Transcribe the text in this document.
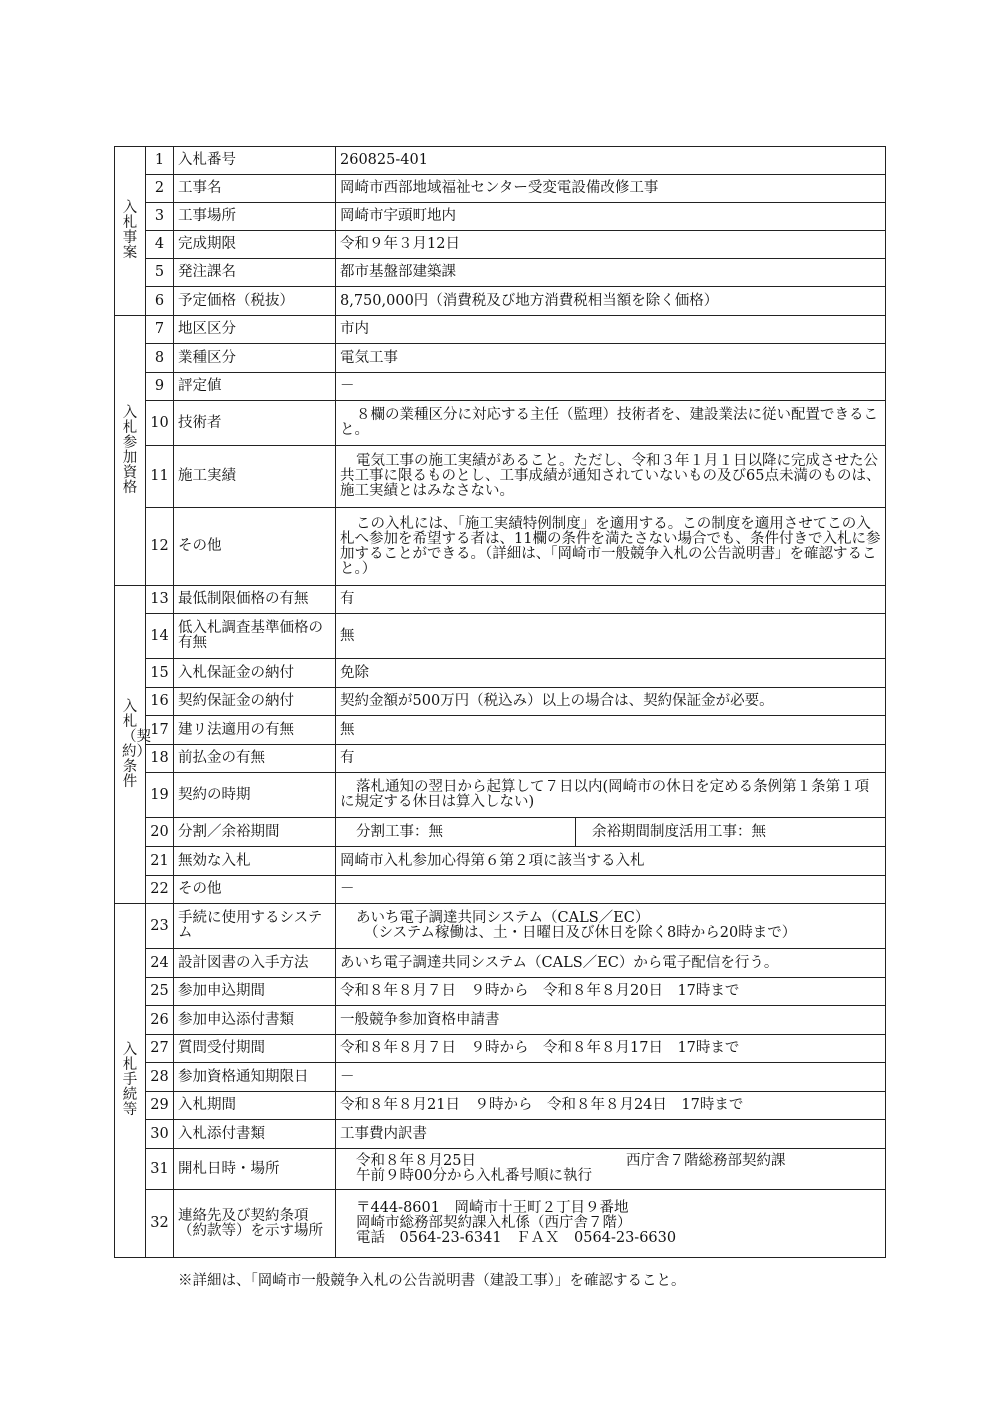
入札事案	1	入札番号	260825-401
	2	工事名	岡崎市西部地域福祉センター受変電設備改修工事
	3	工事場所	岡崎市宇頭町地内
	4	完成期限	令和９年３月12日
	5	発注課名	都市基盤部建築課
	6	予定価格（税抜）	8,750,000円（消費税及び地方消費税相当額を除く価格）
入札参加資格	7	地区区分	市内
	8	業種区分	電気工事
	9	評定値	－
	10	技術者	８欄の業種区分に対応する主任（監理）技術者を、建設業法に従い配置できること。
	11	施工実績	電気工事の施工実績があること。ただし、令和３年１月１日以降に完成させた公共工事に限るものとし、工事成績が通知されていないもの及び65点未満のものは、施工実績とはみなさない。
	12	その他	この入札には、「施工実績特例制度」を適用する。この制度を適用させてこの入札へ参加を希望する者は、11欄の条件を満たさない場合でも、条件付きで入札に参加することができる。（詳細は、「岡崎市一般競争入札の公告説明書」を確認すること。）
入札（契約）条件	13	最低制限価格の有無	有
	14	低入札調査基準価格の有無	無
	15	入札保証金の納付	免除
	16	契約保証金の納付	契約金額が500万円（税込み）以上の場合は、契約保証金が必要。
	17	建リ法適用の有無	無
	18	前払金の有無	有
	19	契約の時期	落札通知の翌日から起算して７日以内(岡崎市の休日を定める条例第１条第１項に規定する休日は算入しない)
	20	分割／余裕期間	分割工事：無 余裕期間制度活用工事：無

	21	無効な入札	岡崎市入札参加心得第６第２項に該当する入札
	22	その他	－
入札手続等	23	手続に使用するシステム	あいち電子調達共同システム（CALS／EC）
（システム稼働は、土・日曜日及び休日を除く8時から20時まで）

	24	設計図書の入手方法	あいち電子調達共同システム（CALS／EC）から電子配信を行う。
	25	参加申込期間	令和８年８月７日　９時から　令和８年８月20日　17時まで
	26	参加申込添付書類	一般競争参加資格申請書
	27	質問受付期間	令和８年８月７日　９時から　令和８年８月17日　17時まで
	28	参加資格通知期限日	－
	29	入札期間	令和８年８月21日　９時から　令和８年８月24日　17時まで
	30	入札添付書類	工事費内訳書
	31	開札日時・場所	令和８年８月25日 西庁舎７階総務部契約課
午前９時00分から入札番号順に執行

	32	連絡先及び契約条項（約款等）を示す場所	〒444-8601　岡崎市十王町２丁目９番地
岡崎市総務部契約課入札係（西庁舎７階）
電話　0564-23-6341　ＦＡＸ　0564-23-6630
※詳細は、「岡崎市一般競争入札の公告説明書（建設工事）」を確認すること。
